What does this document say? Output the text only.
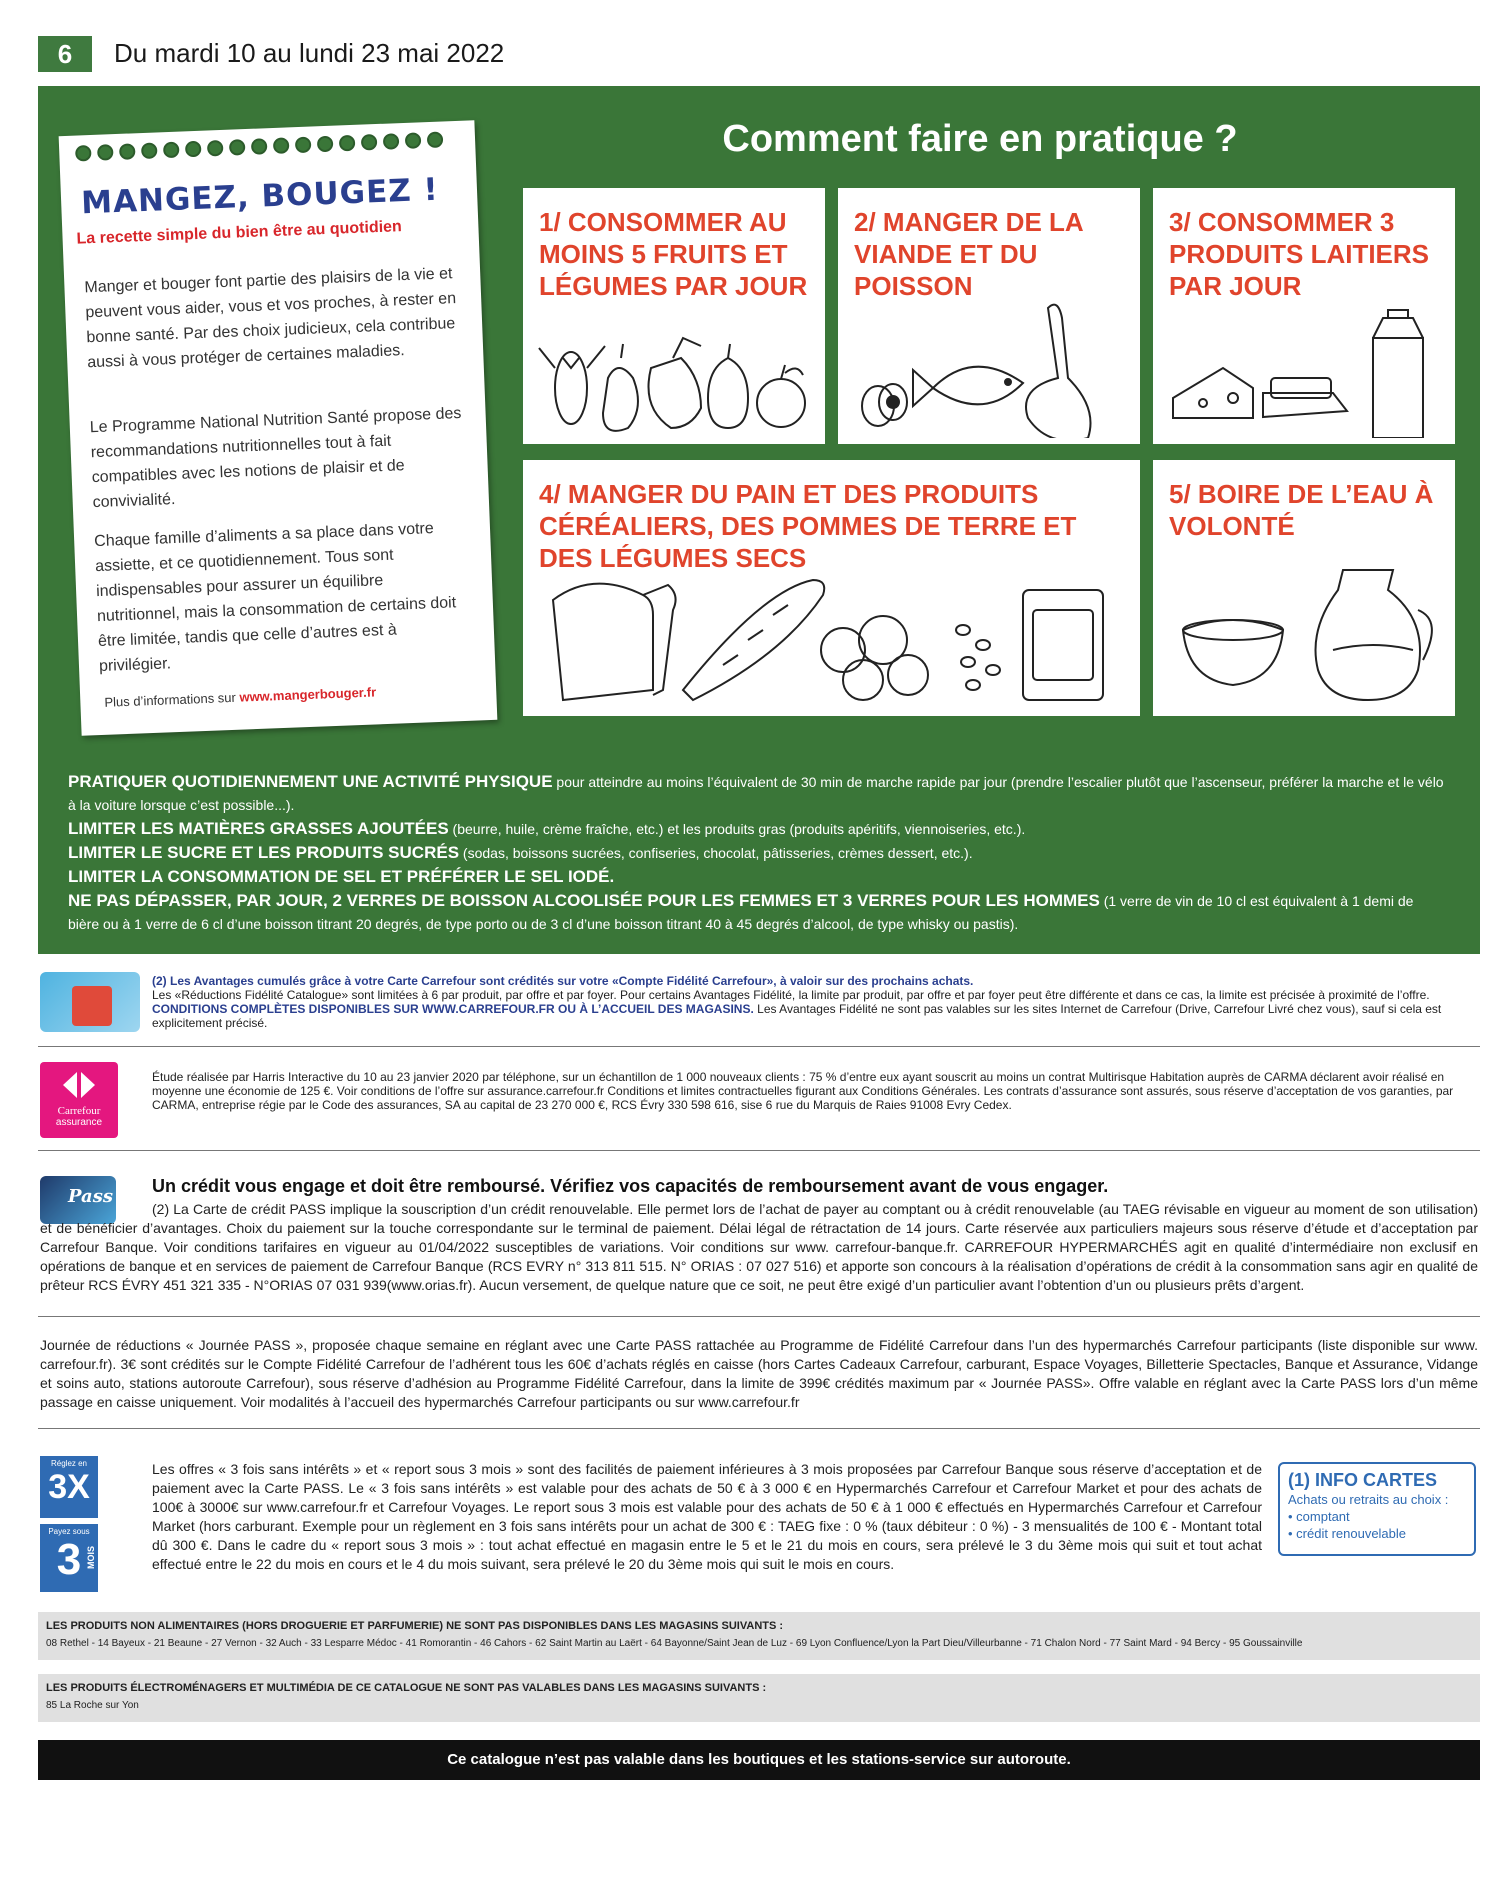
6	Du mardi 10 au lundi 23 mai 2022
MANGEZ, BOUGEZ !
La recette simple du bien être au quotidien
Manger et bouger font partie des plaisirs de la vie et peuvent vous aider, vous et vos proches, à rester en bonne santé. Par des choix judicieux, cela contribue aussi à vous protéger de certaines maladies.
Le Programme National Nutrition Santé propose des recommandations nutritionnelles tout à fait compatibles avec les notions de plaisir et de convivialité.
Chaque famille d’aliments a sa place dans votre assiette, et ce quotidiennement. Tous sont indispensables pour assurer un équilibre nutritionnel, mais la consommation de certains doit être limitée, tandis que celle d’autres est à privilégier.
Plus d’informations sur www.mangerbouger.fr
Comment faire en pratique ?
1/ CONSOMMER AU MOINS 5 FRUITS ET LÉGUMES PAR JOUR
2/ MANGER DE LA VIANDE ET DU POISSON
3/ CONSOMMER 3 PRODUITS LAITIERS PAR JOUR
4/ MANGER DU PAIN ET DES PRODUITS CÉRÉALIERS, DES POMMES DE TERRE ET DES LÉGUMES SECS
5/ BOIRE DE L’EAU À VOLONTÉ
PRATIQUER QUOTIDIENNEMENT UNE ACTIVITÉ PHYSIQUE pour atteindre au moins l’équivalent de 30 min de marche rapide par jour (prendre l’escalier plutôt que l’ascenseur, préférer la marche et le vélo à la voiture lorsque c’est possible...).
LIMITER LES MATIÈRES GRASSES AJOUTÉES (beurre, huile, crème fraîche, etc.) et les produits gras (produits apéritifs, viennoiseries, etc.).
LIMITER LE SUCRE ET LES PRODUITS SUCRÉS (sodas, boissons sucrées, confiseries, chocolat, pâtisseries, crèmes dessert, etc.).
LIMITER LA CONSOMMATION DE SEL ET PRÉFÉRER LE SEL IODÉ.
NE PAS DÉPASSER, PAR JOUR, 2 VERRES DE BOISSON ALCOOLISÉE POUR LES FEMMES ET 3 VERRES POUR LES HOMMES (1 verre de vin de 10 cl est équivalent à 1 demi de bière ou à 1 verre de 6 cl d’une boisson titrant 20 degrés, de type porto ou de 3 cl d’une boisson titrant 40 à 45 degrés d’alcool, de type whisky ou pastis).
(2) Les Avantages cumulés grâce à votre Carte Carrefour sont crédités sur votre «Compte Fidélité Carrefour», à valoir sur des prochains achats.
Les «Réductions Fidélité Catalogue» sont limitées à 6 par produit, par offre et par foyer. Pour certains Avantages Fidélité, la limite par produit, par offre et par foyer peut être différente et dans ce cas, la limite est précisée à proximité de l’offre.
CONDITIONS COMPLÈTES DISPONIBLES SUR WWW.CARREFOUR.FR OU À L’ACCUEIL DES MAGASINS. Les Avantages Fidélité ne sont pas valables sur les sites Internet de Carrefour (Drive, Carrefour Livré chez vous), sauf si cela est explicitement précisé.
Carrefour
assurance
Étude réalisée par Harris Interactive du 10 au 23 janvier 2020 par téléphone, sur un échantillon de 1 000 nouveaux clients : 75 % d’entre eux ayant souscrit au moins un contrat Multirisque Habitation auprès de CARMA déclarent avoir réalisé en moyenne une économie de 125 €. Voir conditions de l’offre sur assurance.carrefour.fr Conditions et limites contractuelles figurant aux Conditions Générales. Les contrats d’assurance sont assurés, sous réserve d’acceptation de vos garanties, par CARMA, entreprise régie par le Code des assurances, SA au capital de 23 270 000 €, RCS Évry 330 598 616, sise 6 rue du Marquis de Raies 91008 Evry Cedex.
Pass Un crédit vous engage et doit être remboursé. Vérifiez vos capacités de remboursement avant de vous engager.
(2) La Carte de crédit PASS implique la souscription d’un crédit renouvelable. Elle permet lors de l’achat de payer au comptant ou à crédit renouvelable (au TAEG révisable en vigueur au moment de son utilisation) et de bénéficier d’avantages. Choix du paiement sur la touche correspondante sur le terminal de paiement. Délai légal de rétractation de 14 jours. Carte réservée aux particuliers majeurs sous réserve d’étude et d’acceptation par Carrefour Banque. Voir conditions tarifaires en vigueur au 01/04/2022 susceptibles de variations. Voir conditions sur www. carrefour-banque.fr. CARREFOUR HYPERMARCHÉS agit en qualité d’intermédiaire non exclusif en opérations de banque et en services de paiement de Carrefour Banque (RCS EVRY n° 313 811 515. N° ORIAS : 07 027 516) et apporte son concours à la réalisation d’opérations de crédit à la consommation sans agir en qualité de prêteur RCS ÉVRY 451 321 335 - N°ORIAS 07 031 939(www.orias.fr). Aucun versement, de quelque nature que ce soit, ne peut être exigé d’un particulier avant l’obtention d’un ou plusieurs prêts d’argent.
Journée de réductions « Journée PASS », proposée chaque semaine en réglant avec une Carte PASS rattachée au Programme de Fidélité Carrefour dans l’un des hypermarchés Carrefour participants (liste disponible sur www. carrefour.fr). 3€ sont crédités sur le Compte Fidélité Carrefour de l’adhérent tous les 60€ d’achats réglés en caisse (hors Cartes Cadeaux Carrefour, carburant, Espace Voyages, Billetterie Spectacles, Banque et Assurance, Vidange et soins auto, stations autoroute Carrefour), sous réserve d’adhésion au Programme Fidélité Carrefour, dans la limite de 399€ crédités maximum par « Journée PASS». Offre valable en réglant avec la Carte PASS lors d’un même passage en caisse uniquement. Voir modalités à l’accueil des hypermarchés Carrefour participants ou sur www.carrefour.fr
Réglez en
3X
Payez sous
3 MOIS
Les offres « 3 fois sans intérêts » et « report sous 3 mois » sont des facilités de paiement inférieures à 3 mois proposées par Carrefour Banque sous réserve d’acceptation et de paiement avec la Carte PASS. Le « 3 fois sans intérêts » est valable pour des achats de 50 € à 3 000 € en Hypermarchés Carrefour et Carrefour Market et pour des achats de 100€ à 3000€ sur www.carrefour.fr et Carrefour Voyages. Le report sous 3 mois est valable pour des achats de 50 € à 1 000 € effectués en Hypermarchés Carrefour et Carrefour Market (hors carburant. Exemple pour un règlement en 3 fois sans intérêts pour un achat de 300 € : TAEG fixe : 0 % (taux débiteur : 0 %) - 3 mensualités de 100 € - Montant total dû 300 €. Dans le cadre du « report sous 3 mois » : tout achat effectué en magasin entre le 5 et le 21 du mois en cours, sera prélevé le 3 du 3ème mois qui suit et tout achat effectué entre le 22 du mois en cours et le 4 du mois suivant, sera prélevé le 20 du 3ème mois qui suit le mois en cours.
(1) INFO CARTES
Achats ou retraits au choix :
• comptant
• crédit renouvelable
LES PRODUITS NON ALIMENTAIRES (HORS DROGUERIE ET PARFUMERIE) NE SONT PAS DISPONIBLES DANS LES MAGASINS SUIVANTS :
08 Rethel - 14 Bayeux - 21 Beaune - 27 Vernon - 32 Auch - 33 Lesparre Médoc - 41 Romorantin - 46 Cahors - 62 Saint Martin au Laërt - 64 Bayonne/Saint Jean de Luz - 69 Lyon Confluence/Lyon la Part Dieu/Villeurbanne - 71 Chalon Nord - 77 Saint Mard - 94 Bercy - 95 Goussainville
LES PRODUITS ÉLECTROMÉNAGERS ET MULTIMÉDIA DE CE CATALOGUE NE SONT PAS VALABLES DANS LES MAGASINS SUIVANTS :
85 La Roche sur Yon
Ce catalogue n’est pas valable dans les boutiques et les stations-service sur autoroute.
